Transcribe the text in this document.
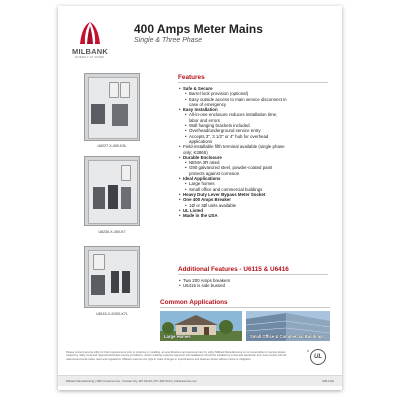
MILBANK
ENERGY AT WORK
400 Amps Meter Mains
Single & Three Phase
U6227-X-400-K3L
U6230-X-400-K7
U6115-X-2/200-K7L
Features
• Safe & Secure
• Barrel lock provision (optional)
• Easy outside access to main service disconnect in
case of emergency
• Easy Installation
• All-in-one enclosure reduces installation time,
labor and errors
• Wall hanging brackets included
• Overhead/underground service entry
• Accepts 3", 3 1/2" or 4" hub for overhead
applications
• Field-installable fifth terminal available (single phase
only; K3865)
• Durable Enclosure
• NEMA 3R rated
• G90 galvanized steel, powder-coated paint
protects against corrosion
• Ideal Applications
• Large homes
• Small office and commercial buildings
• Heavy Duty Lever Bypass Meter Socket
• One 400 Amps Breaker
• 1Ø or 3Ø units available
• UL Listed
• Made in the USA
Additional Features - U6115 & U6416
• Two 200 Amps breakers
• U6416 is side bussed
Common Applications
Large Homes	Small Office & Commercial Buildings
Please consult serving utility for their requirements prior to ordering or installing, as specifications and approval vary by utility. Milbank Manufacturing is not responsible for service delays caused by utility, local and regional authorities having jurisdiction, and/or building inspector approval. All installations should be installed by a licensed electrician and must comply with all national and local codes, laws and regulations. Milbank reserves the right to make changes in specifications and features shown without notice or obligation.
c
UL
Milbank Manufacturing | 4801 Deramus Ave., Kansas City, MO 64120 | 877-483-5314 | milbankworks.com	MM-1120
